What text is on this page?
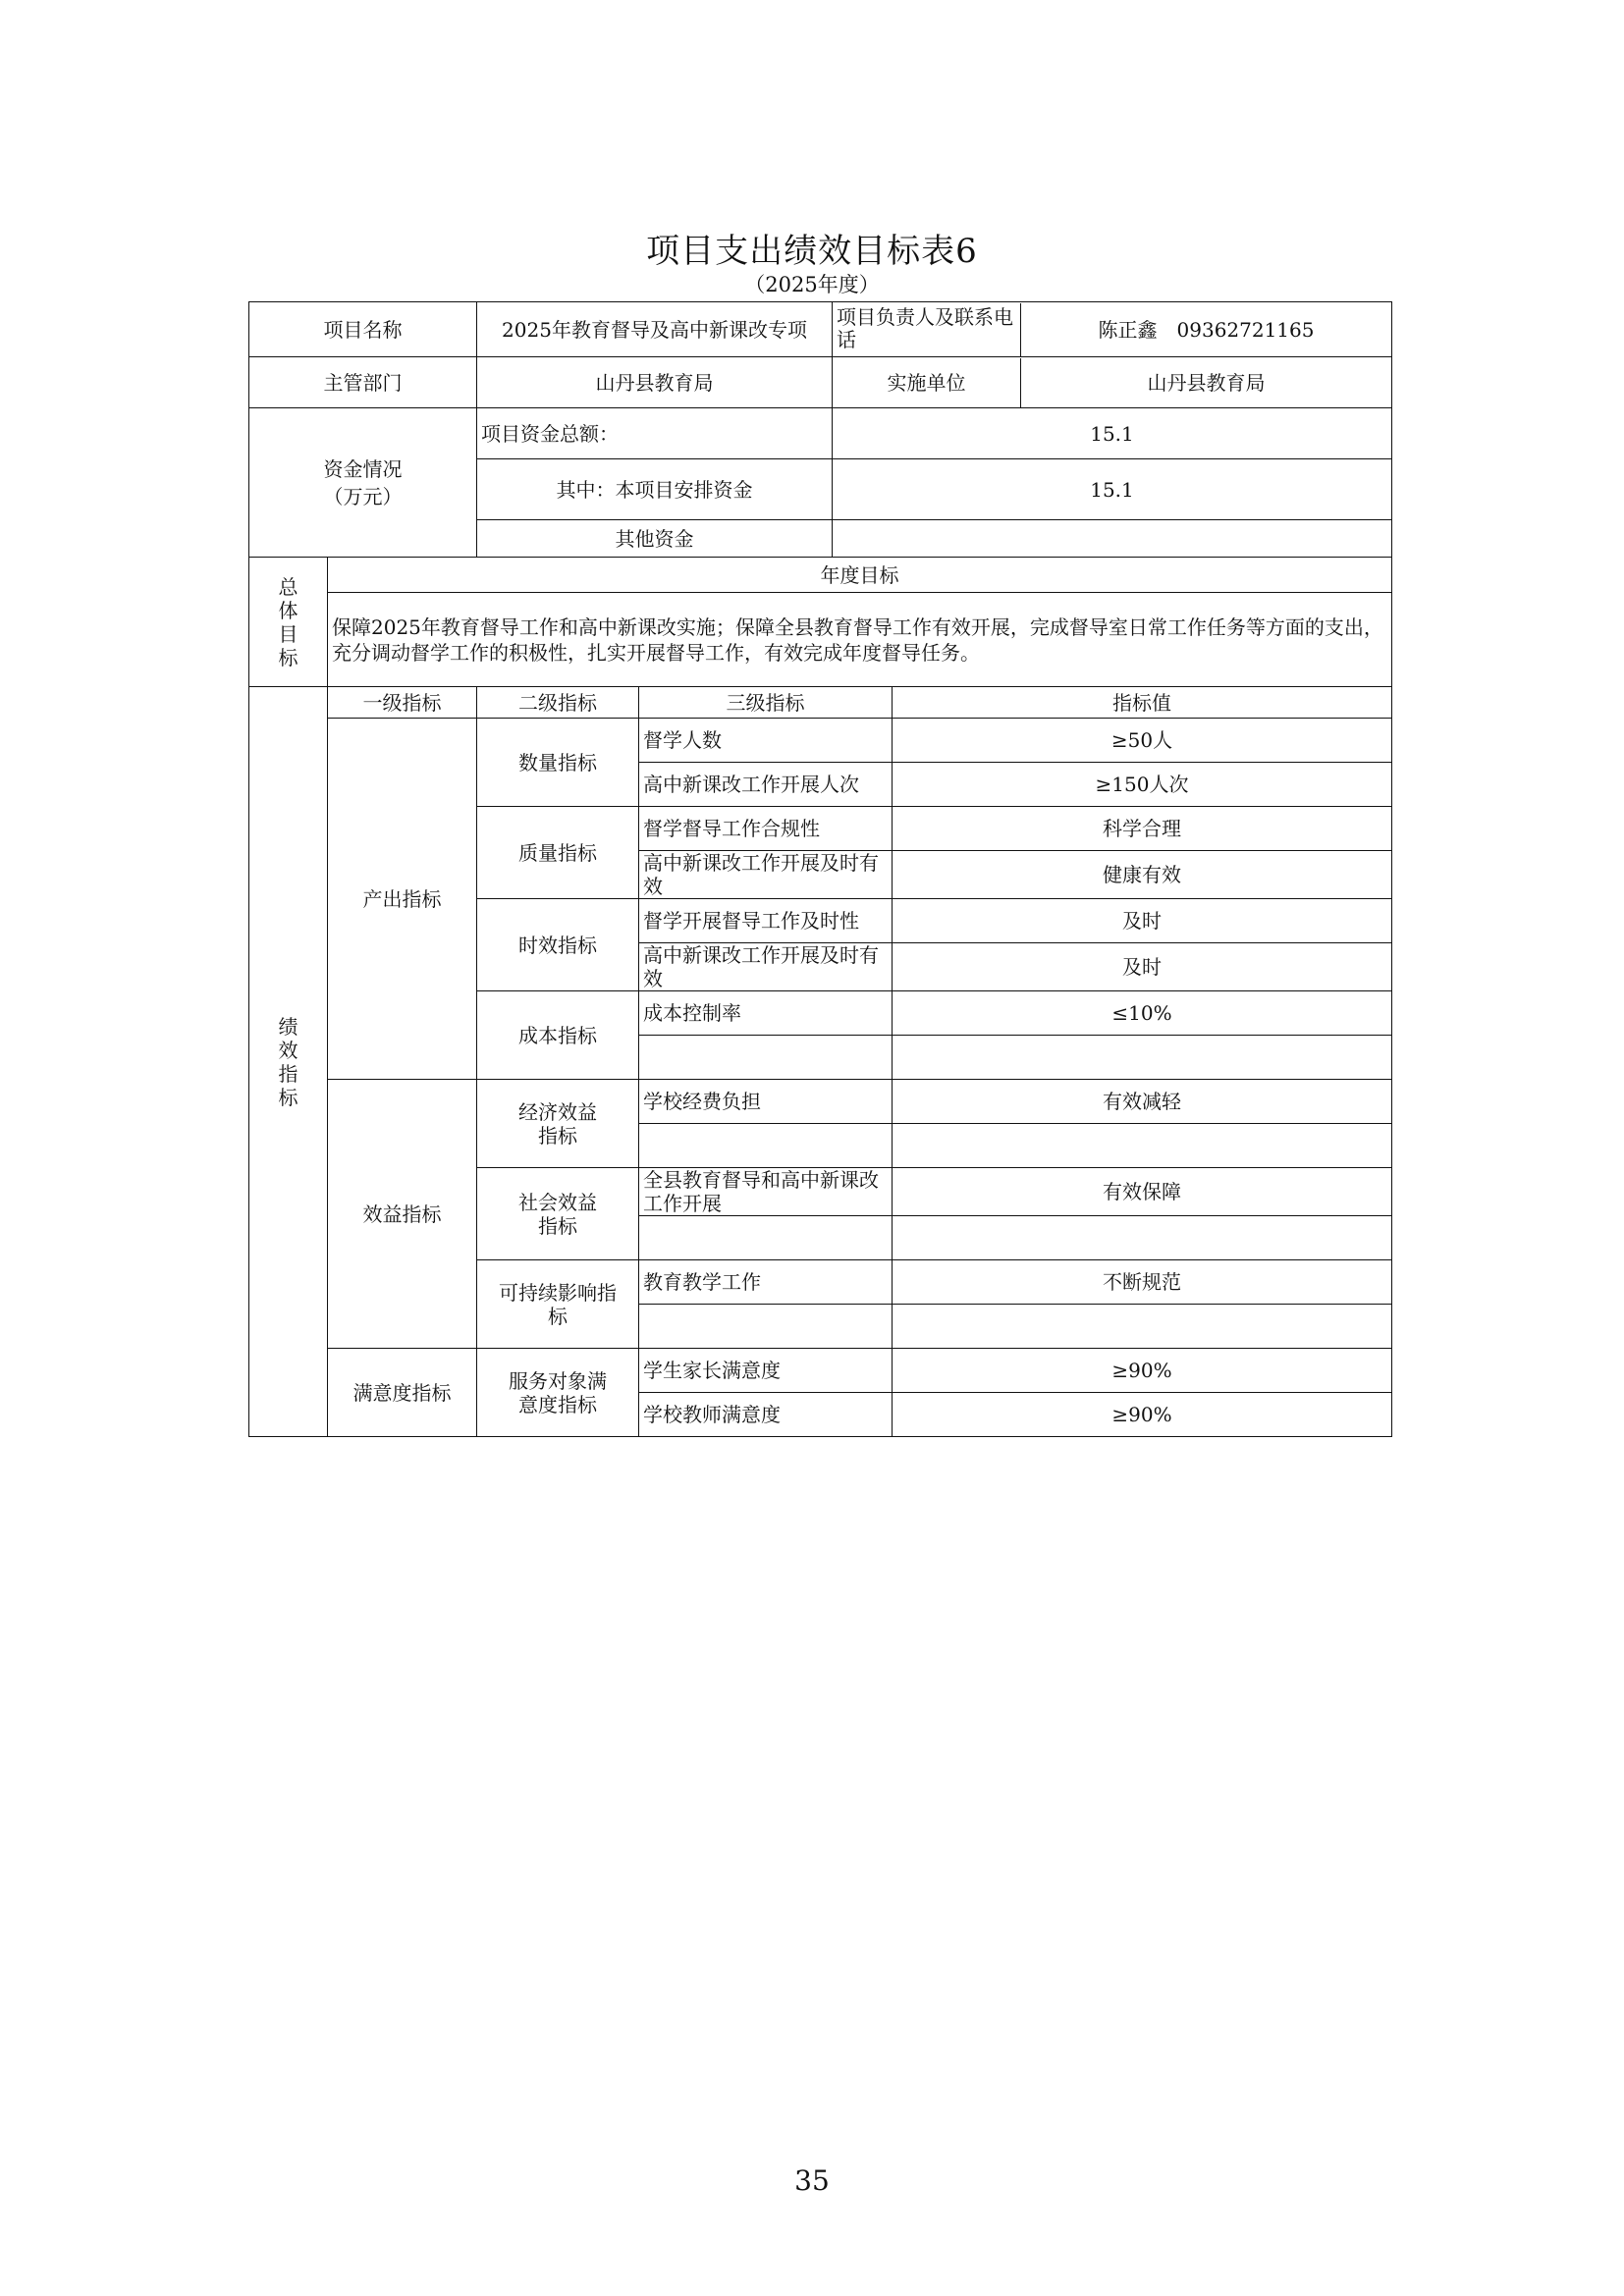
项目支出绩效目标表6
（2025年度）
项目名称		2025年教育督导及高中新课改专项		项目负责人及联系电话 陈正鑫　09362721165	

主管部门		山丹县教育局		实施单位 山丹县教育局	

资金情况（万元）		项目资金总额：		15.1	
		其中：本项目安排资金		15.1	
		其他资金			

总体目标	年度目标				

	保障2025年教育督导工作和高中新课改实施；保障全县教育督导工作有效开展，完成督导室日常工作任务等方面的支出，充分调动督学工作的积极性，扎实开展督导工作，有效完成年度督导任务。				

绩效指标	一级指标	二级指标	三级指标		指标值
	产出指标	数量指标	督学人数		≥50人
			高中新课改工作开展人次		≥150人次
		质量指标	督学督导工作合规性		科学合理
			高中新课改工作开展及时有效		健康有效
		时效指标	督学开展督导工作及时性		及时
			高中新课改工作开展及时有效		及时
		成本指标	成本控制率		≤10%

	效益指标	经济效益指标	学校经费负担		有效减轻

		社会效益指标	全县教育督导和高中新课改工作开展		有效保障

		可持续影响指标	教育教学工作		不断规范

	满意度指标	服务对象满意度指标	学生家长满意度		≥90%
			学校教师满意度		≥90%
35
